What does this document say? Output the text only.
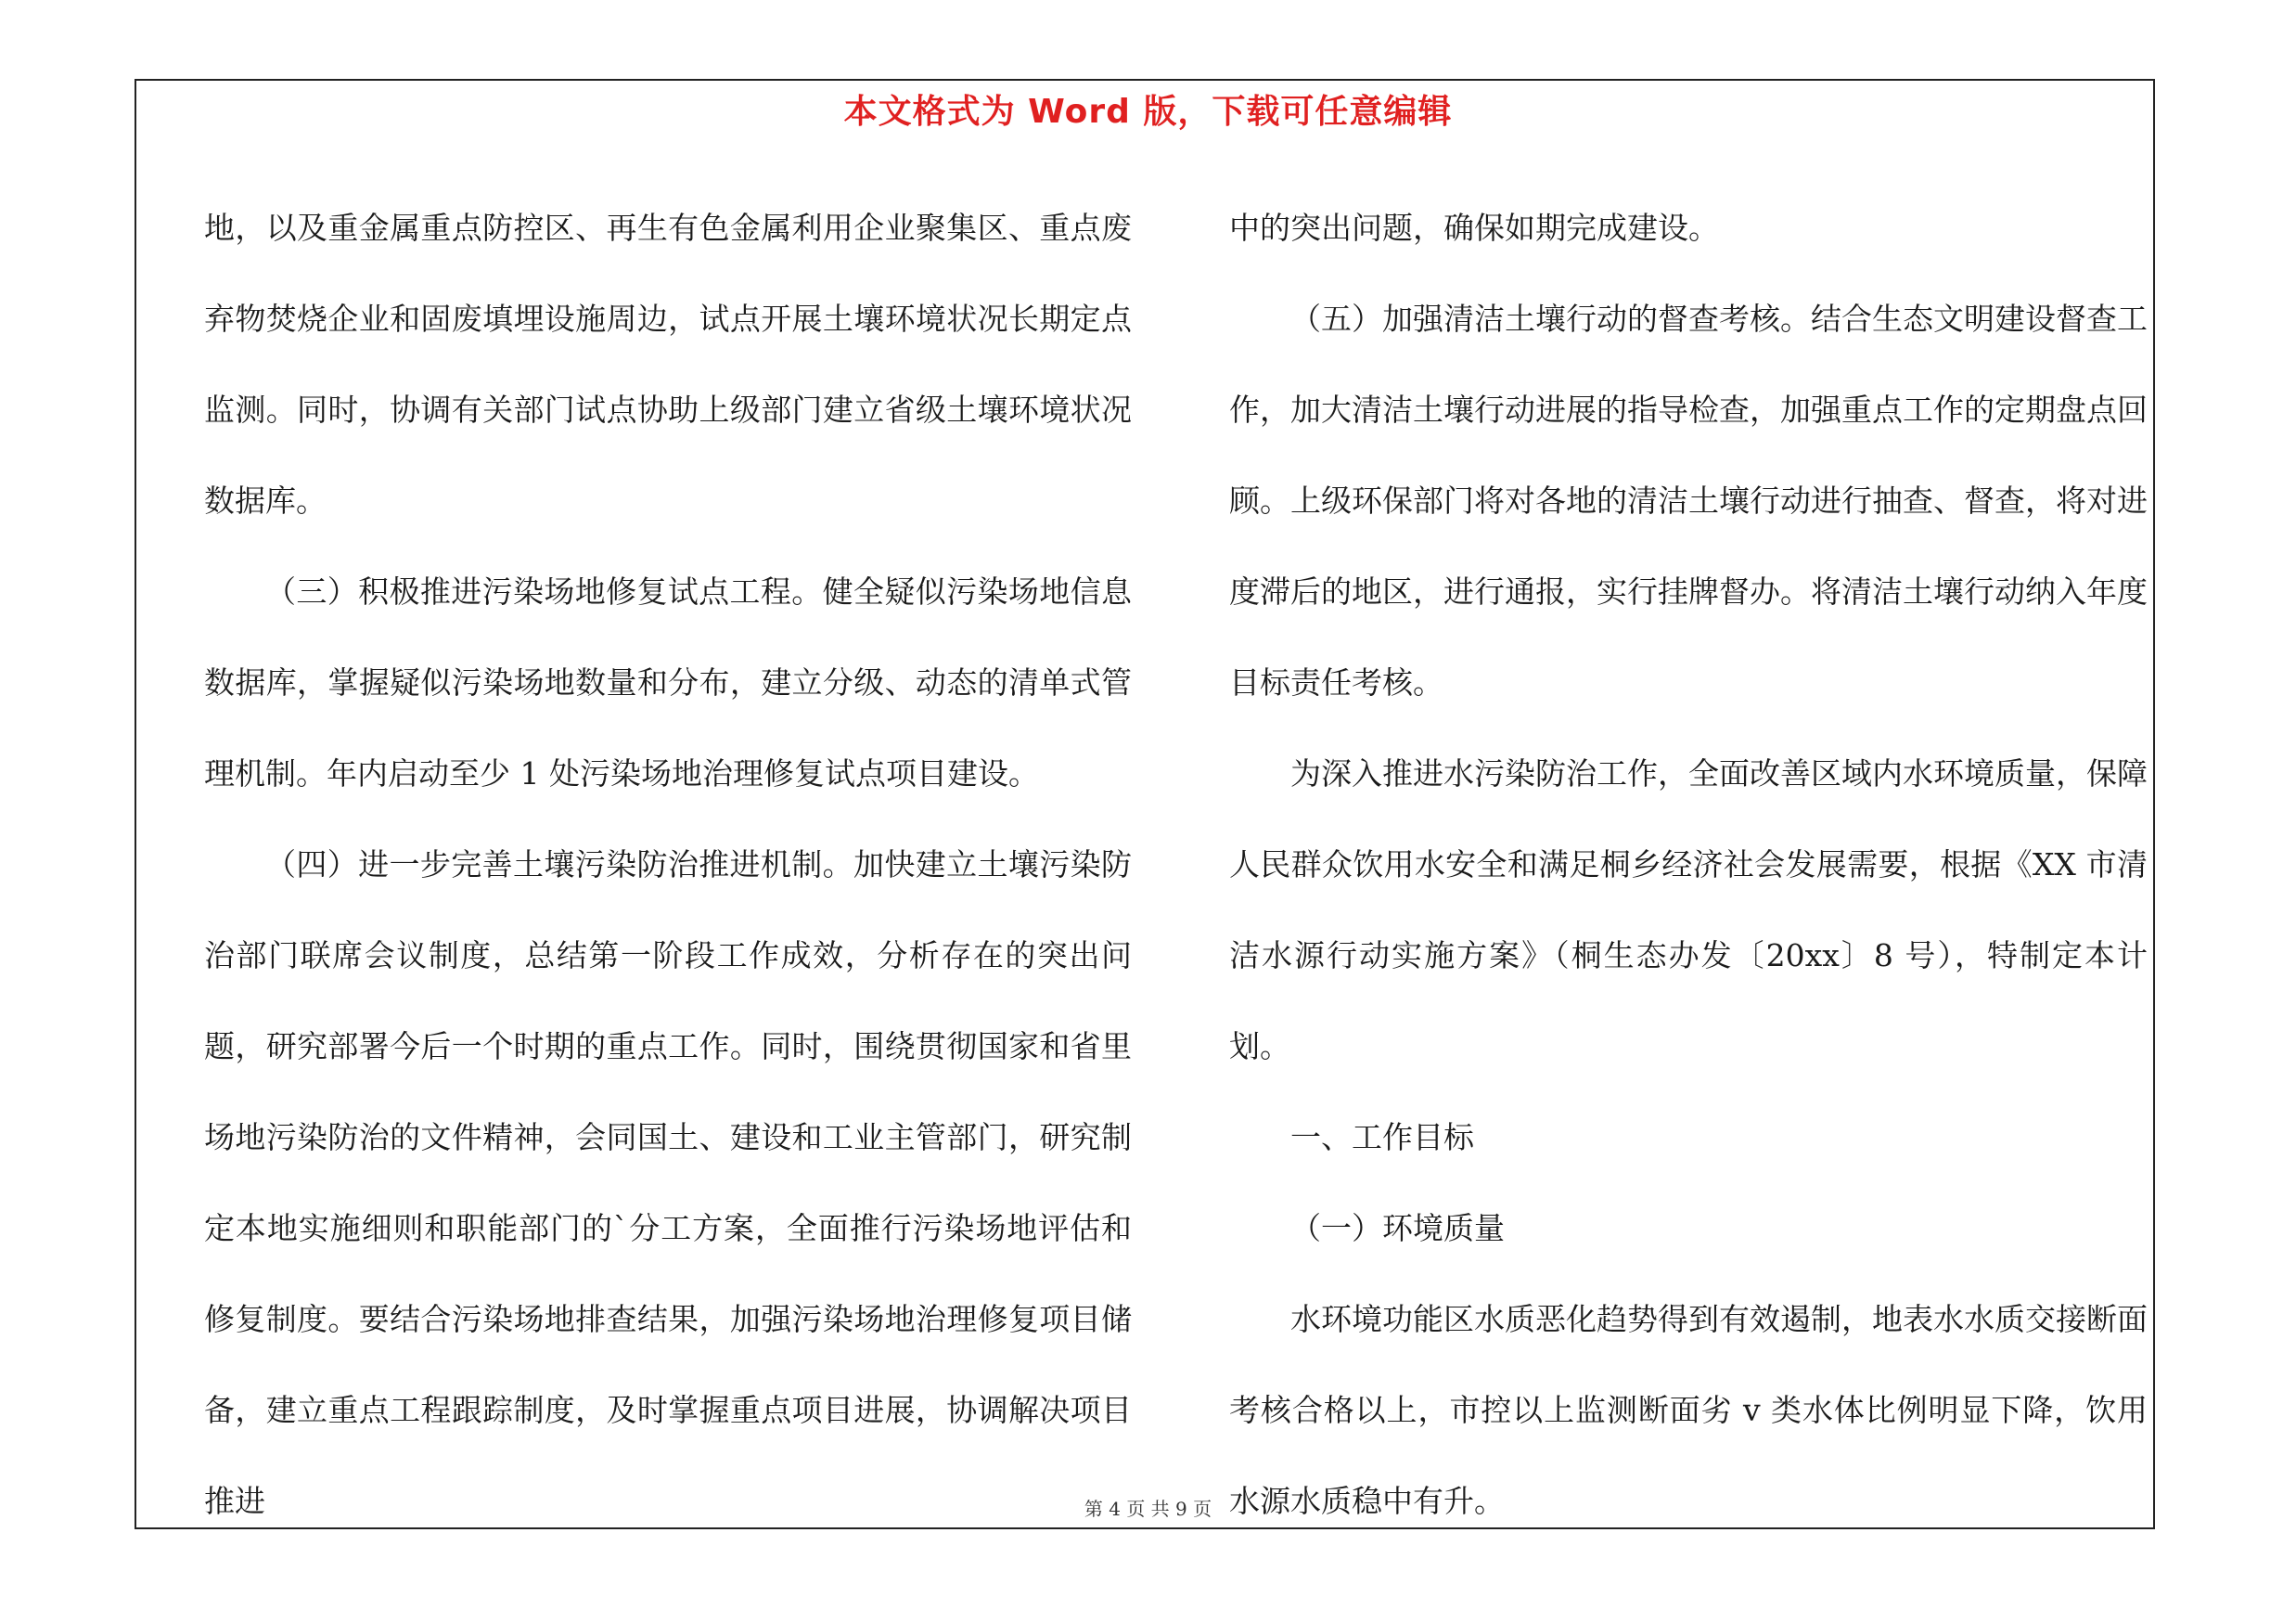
本文格式为 Word 版，下载可任意编辑

地，以及重金属重点防控区、再生有色金属利用企业聚集区、重点废弃物焚烧企业和固废填埋设施周边，试点开展土壤环境状况长期定点监测。同时，协调有关部门试点协助上级部门建立省级土壤环境状况数据库。

（三）积极推进污染场地修复试点工程。健全疑似污染场地信息数据库，掌握疑似污染场地数量和分布，建立分级、动态的清单式管理机制。年内启动至少 1 处污染场地治理修复试点项目建设。

（四）进一步完善土壤污染防治推进机制。加快建立土壤污染防治部门联席会议制度，总结第一阶段工作成效，分析存在的突出问题，研究部署今后一个时期的重点工作。同时，围绕贯彻国家和省里场地污染防治的文件精神，会同国土、建设和工业主管部门，研究制定本地实施细则和职能部门的`分工方案，全面推行污染场地评估和修复制度。要结合污染场地排查结果，加强污染场地治理修复项目储备，建立重点工程跟踪制度，及时掌握重点项目进展，协调解决项目推进

中的突出问题，确保如期完成建设。

（五）加强清洁土壤行动的督查考核。结合生态文明建设督查工作，加大清洁土壤行动进展的指导检查，加强重点工作的定期盘点回顾。上级环保部门将对各地的清洁土壤行动进行抽查、督查，将对进度滞后的地区，进行通报，实行挂牌督办。将清洁土壤行动纳入年度目标责任考核。

为深入推进水污染防治工作，全面改善区域内水环境质量，保障人民群众饮用水安全和满足桐乡经济社会发展需要，根据《XX 市清洁水源行动实施方案》（桐生态办发〔20xx〕8 号），特制定本计划。

一、工作目标

（一）环境质量

水环境功能区水质恶化趋势得到有效遏制，地表水水质交接断面考核合格以上，市控以上监测断面劣 v 类水体比例明显下降，饮用水源水质稳中有升。

第 4 页 共 9 页
